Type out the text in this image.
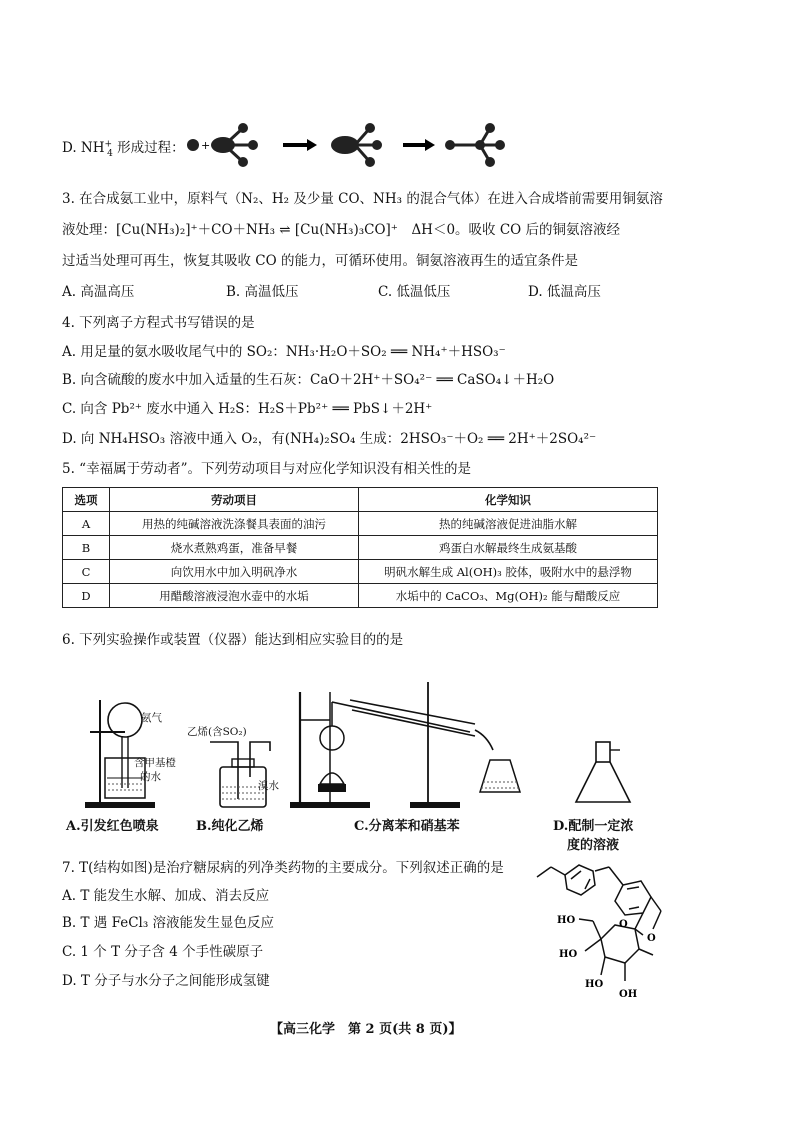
D. $NH^+_4$ 形成过程： +
3. 在合成氨工业中，原料气（N₂、H₂ 及少量 CO、NH₃ 的混合气体）在进入合成塔前需要用铜氨溶
液处理：[Cu(NH₃)₂]⁺＋CO＋NH₃ ⇌ [Cu(NH₃)₃CO]⁺　ΔH＜0。吸收 CO 后的铜氨溶液经
过适当处理可再生，恢复其吸收 CO 的能力，可循环使用。铜氨溶液再生的适宜条件是
A. 高温高压	B. 高温低压	C. 低温低压	D. 低温高压
4. 下列离子方程式书写错误的是
A. 用足量的氨水吸收尾气中的 SO₂：NH₃·H₂O＋SO₂ ══ NH₄⁺＋HSO₃⁻
B. 向含硫酸的废水中加入适量的生石灰：CaO＋2H⁺＋SO₄²⁻ ══ CaSO₄↓＋H₂O
C. 向含 Pb²⁺ 废水中通入 H₂S：H₂S＋Pb²⁺ ══ PbS↓＋2H⁺
D. 向 NH₄HSO₃ 溶液中通入 O₂，有(NH₄)₂SO₄ 生成：2HSO₃⁻＋O₂ ══ 2H⁺＋2SO₄²⁻
5. “幸福属于劳动者”。下列劳动项目与对应化学知识没有相关性的是
选项	劳动项目	化学知识
A	用热的纯碱溶液洗涤餐具表面的油污	热的纯碱溶液促进油脂水解
B	烧水煮熟鸡蛋，准备早餐	鸡蛋白水解最终生成氨基酸
C	向饮用水中加入明矾净水	明矾水解生成 Al(OH)₃ 胶体，吸附水中的悬浮物
D	用醋酸溶液浸泡水壶中的水垢	水垢中的 CaCO₃、Mg(OH)₂ 能与醋酸反应
6. 下列实验操作或装置（仪器）能达到相应实验目的的是
氨气
含甲基橙
的水
乙烯(含SO₂)
溴水
A.引发红色喷泉	B.纯化乙烯	C.分离苯和硝基苯	D.配制一定浓
度的溶液
7. T(结构如图)是治疗糖尿病的列净类药物的主要成分。下列叙述正确的是
A. T 能发生水解、加成、消去反应
B. T 遇 FeCl₃ 溶液能发生显色反应
C. 1 个 T 分子含 4 个手性碳原子
D. T 分子与水分子之间能形成氢键
HO	O
O
HO
HO
OH
【高三化学　第 2 页(共 8 页)】
